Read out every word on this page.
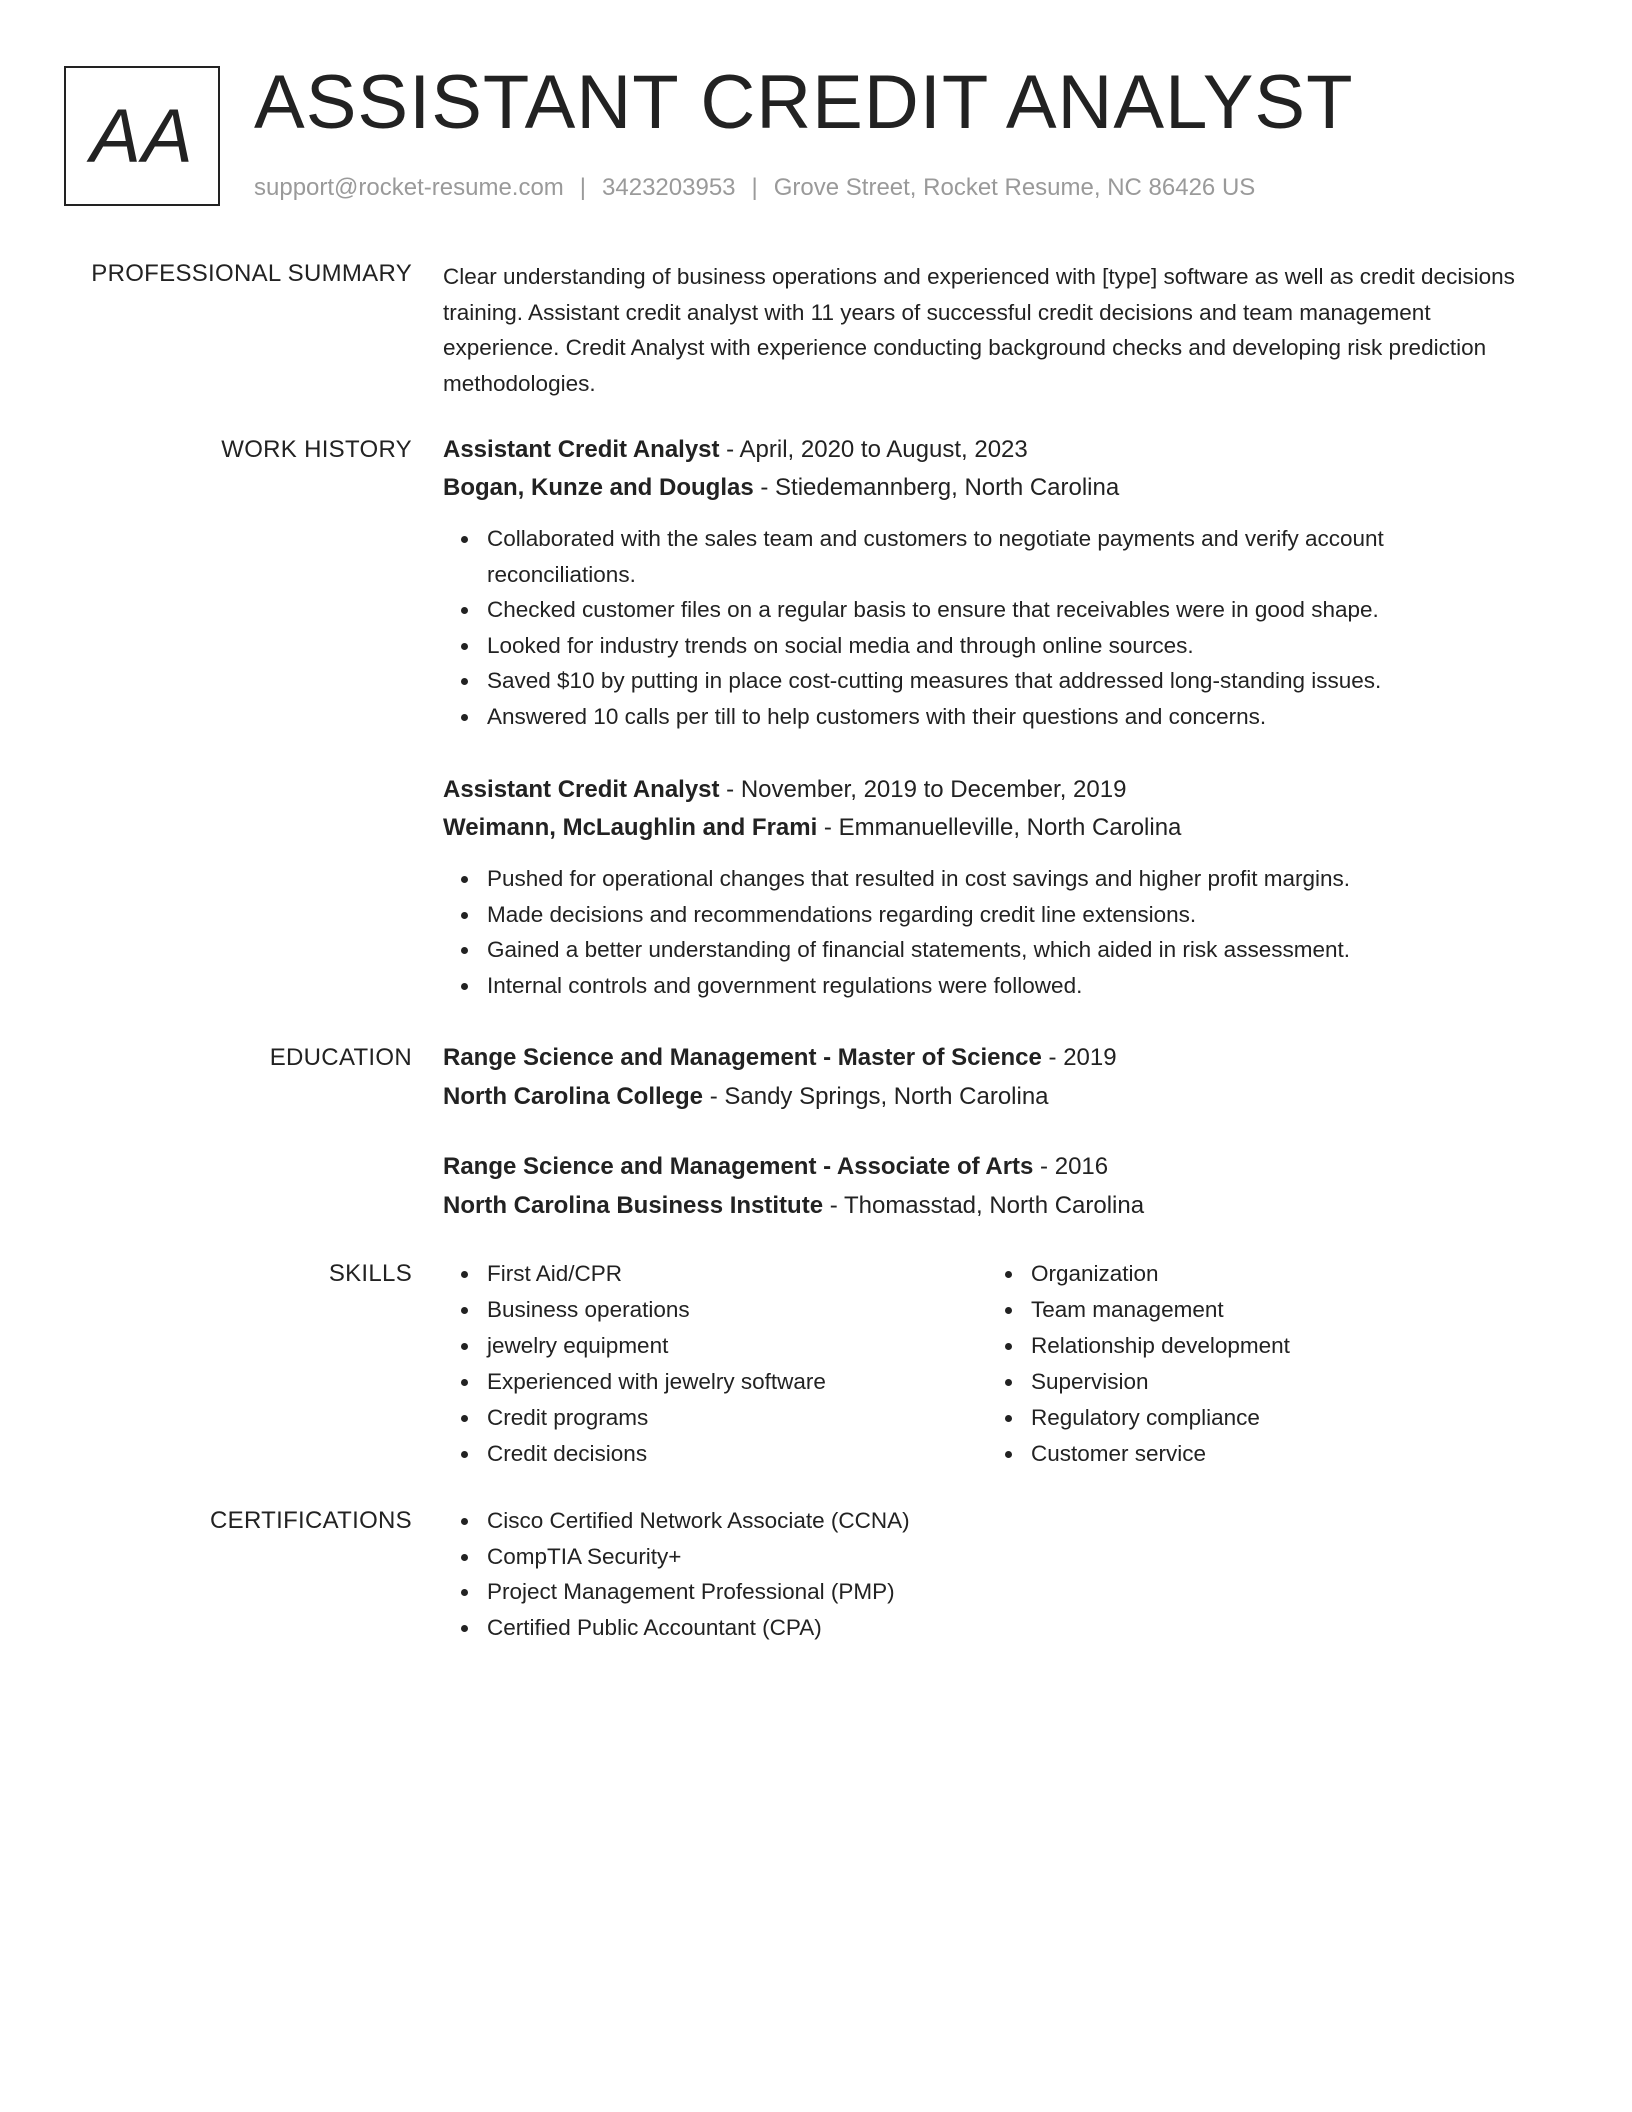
AA ASSISTANT CREDIT ANALYST
support@rocket-resume.com | 3423203953 | Grove Street, Rocket Resume, NC 86426 US
PROFESSIONAL SUMMARY Clear understanding of business operations and experienced with [type] software as well as credit decisions training. Assistant credit analyst with 11 years of successful credit decisions and team management experience. Credit Analyst with experience conducting background checks and developing risk prediction methodologies.
WORK HISTORY Assistant Credit Analyst - April, 2020 to August, 2023
Bogan, Kunze and Douglas - Stiedemannberg, North Carolina
Collaborated with the sales team and customers to negotiate payments and verify account reconciliations.
Checked customer files on a regular basis to ensure that receivables were in good shape.
Looked for industry trends on social media and through online sources.
Saved $10 by putting in place cost-cutting measures that addressed long-standing issues.
Answered 10 calls per till to help customers with their questions and concerns.
Assistant Credit Analyst - November, 2019 to December, 2019
Weimann, McLaughlin and Frami - Emmanuelleville, North Carolina
Pushed for operational changes that resulted in cost savings and higher profit margins.
Made decisions and recommendations regarding credit line extensions.
Gained a better understanding of financial statements, which aided in risk assessment.
Internal controls and government regulations were followed.
EDUCATION Range Science and Management - Master of Science - 2019
North Carolina College - Sandy Springs, North Carolina
Range Science and Management - Associate of Arts - 2016
North Carolina Business Institute - Thomasstad, North Carolina
SKILLS	First Aid/CPR
Business operations
jewelry equipment
Experienced with jewelry software
Credit programs
Credit decisions
Organization
Team management
Relationship development
Supervision
Regulatory compliance
Customer service
CERTIFICATIONS	Cisco Certified Network Associate (CCNA)
CompTIA Security+
Project Management Professional (PMP)
Certified Public Accountant (CPA)
